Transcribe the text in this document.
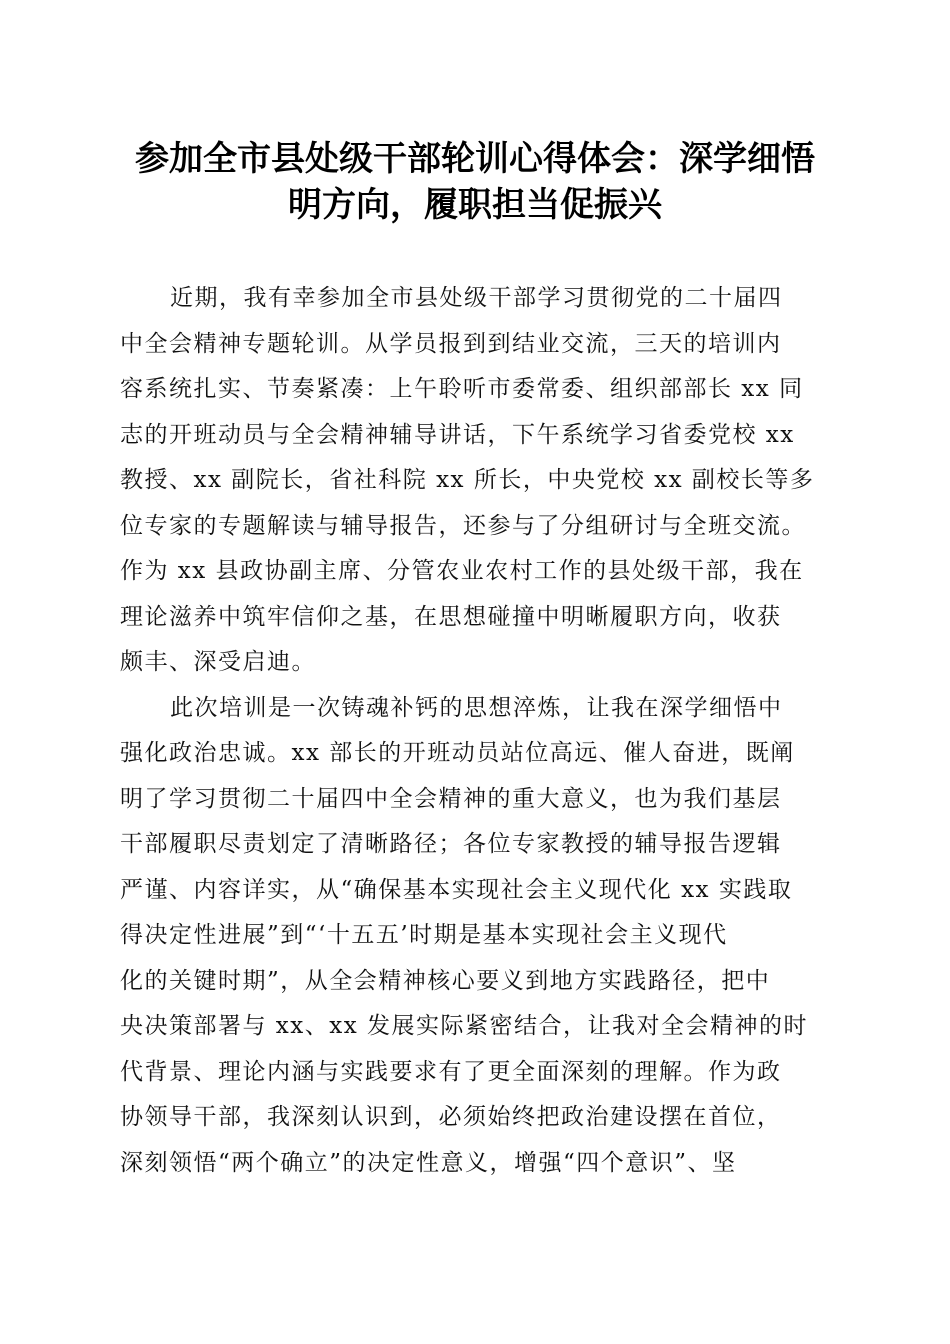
参加全市县处级干部轮训心得体会：深学细悟
明方向，履职担当促振兴
近期，我有幸参加全市县处级干部学习贯彻党的二十届四
中全会精神专题轮训。从学员报到到结业交流，三天的培训内
容系统扎实、节奏紧凑：上午聆听市委常委、组织部部长 xx 同
志的开班动员与全会精神辅导讲话，下午系统学习省委党校 xx
教授、xx 副院长，省社科院 xx 所长，中央党校 xx 副校长等多
位专家的专题解读与辅导报告，还参与了分组研讨与全班交流。
作为 xx 县政协副主席、分管农业农村工作的县处级干部，我在
理论滋养中筑牢信仰之基，在思想碰撞中明晰履职方向，收获
颇丰、深受启迪。
此次培训是一次铸魂补钙的思想淬炼，让我在深学细悟中
强化政治忠诚。xx 部长的开班动员站位高远、催人奋进，既阐
明了学习贯彻二十届四中全会精神的重大意义，也为我们基层
干部履职尽责划定了清晰路径；各位专家教授的辅导报告逻辑
严谨、内容详实，从“确保基本实现社会主义现代化 xx 实践取
得决定性进展”到“‘十五五’时期是基本实现社会主义现代
化的关键时期”，从全会精神核心要义到地方实践路径，把中
央决策部署与 xx、xx 发展实际紧密结合，让我对全会精神的时
代背景、理论内涵与实践要求有了更全面深刻的理解。作为政
协领导干部，我深刻认识到，必须始终把政治建设摆在首位，
深刻领悟“两个确立”的决定性意义，增强“四个意识”、坚
